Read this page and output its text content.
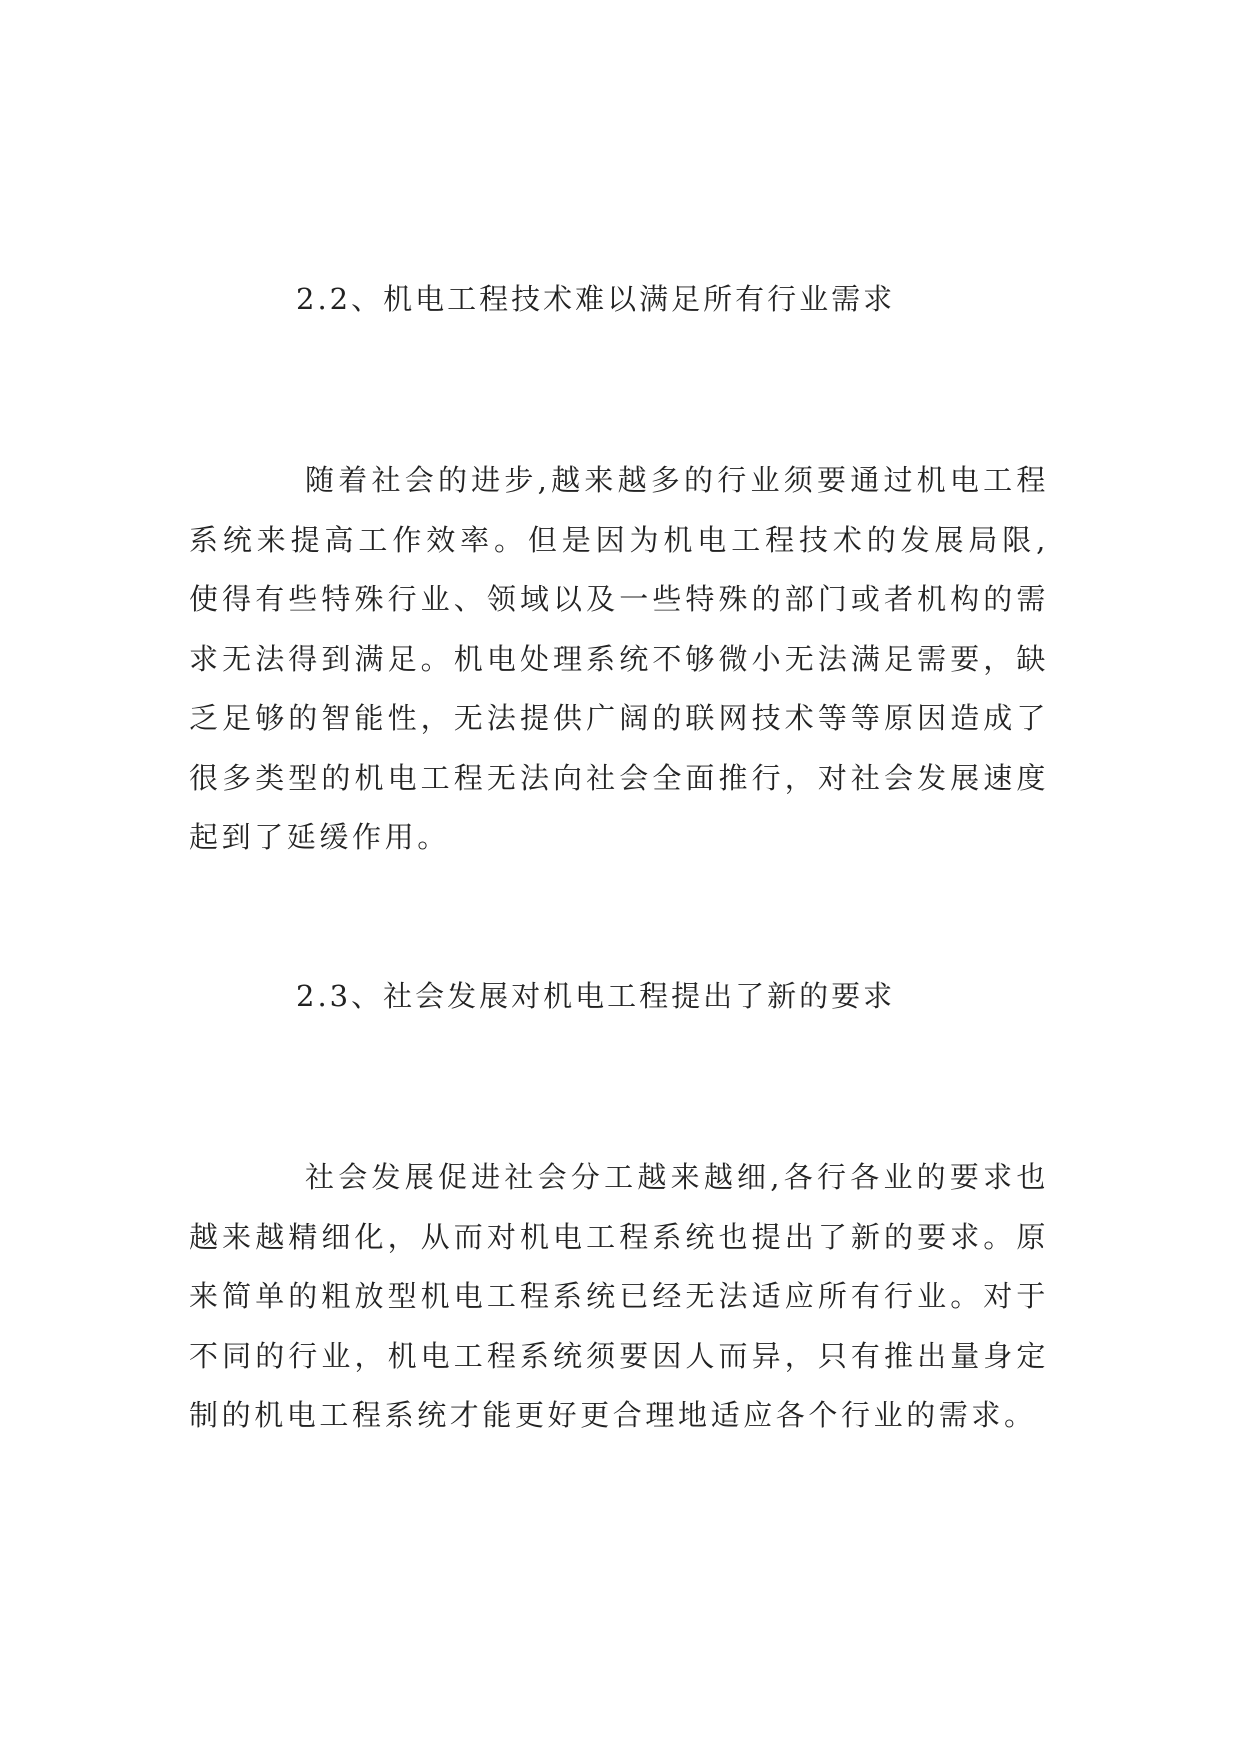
2.2、机电工程技术难以满足所有行业需求

随着社会的进步,越来越多的行业须要通过机电工程系统来提高工作效率。但是因为机电工程技术的发展局限,使得有些特殊行业、领域以及一些特殊的部门或者机构的需求无法得到满足。机电处理系统不够微小无法满足需要，缺乏足够的智能性，无法提供广阔的联网技术等等原因造成了很多类型的机电工程无法向社会全面推行，对社会发展速度起到了延缓作用。

2.3、社会发展对机电工程提出了新的要求

社会发展促进社会分工越来越细,各行各业的要求也越来越精细化，从而对机电工程系统也提出了新的要求。原来简单的粗放型机电工程系统已经无法适应所有行业。对于不同的行业，机电工程系统须要因人而异，只有推出量身定制的机电工程系统才能更好更合理地适应各个行业的需求。
